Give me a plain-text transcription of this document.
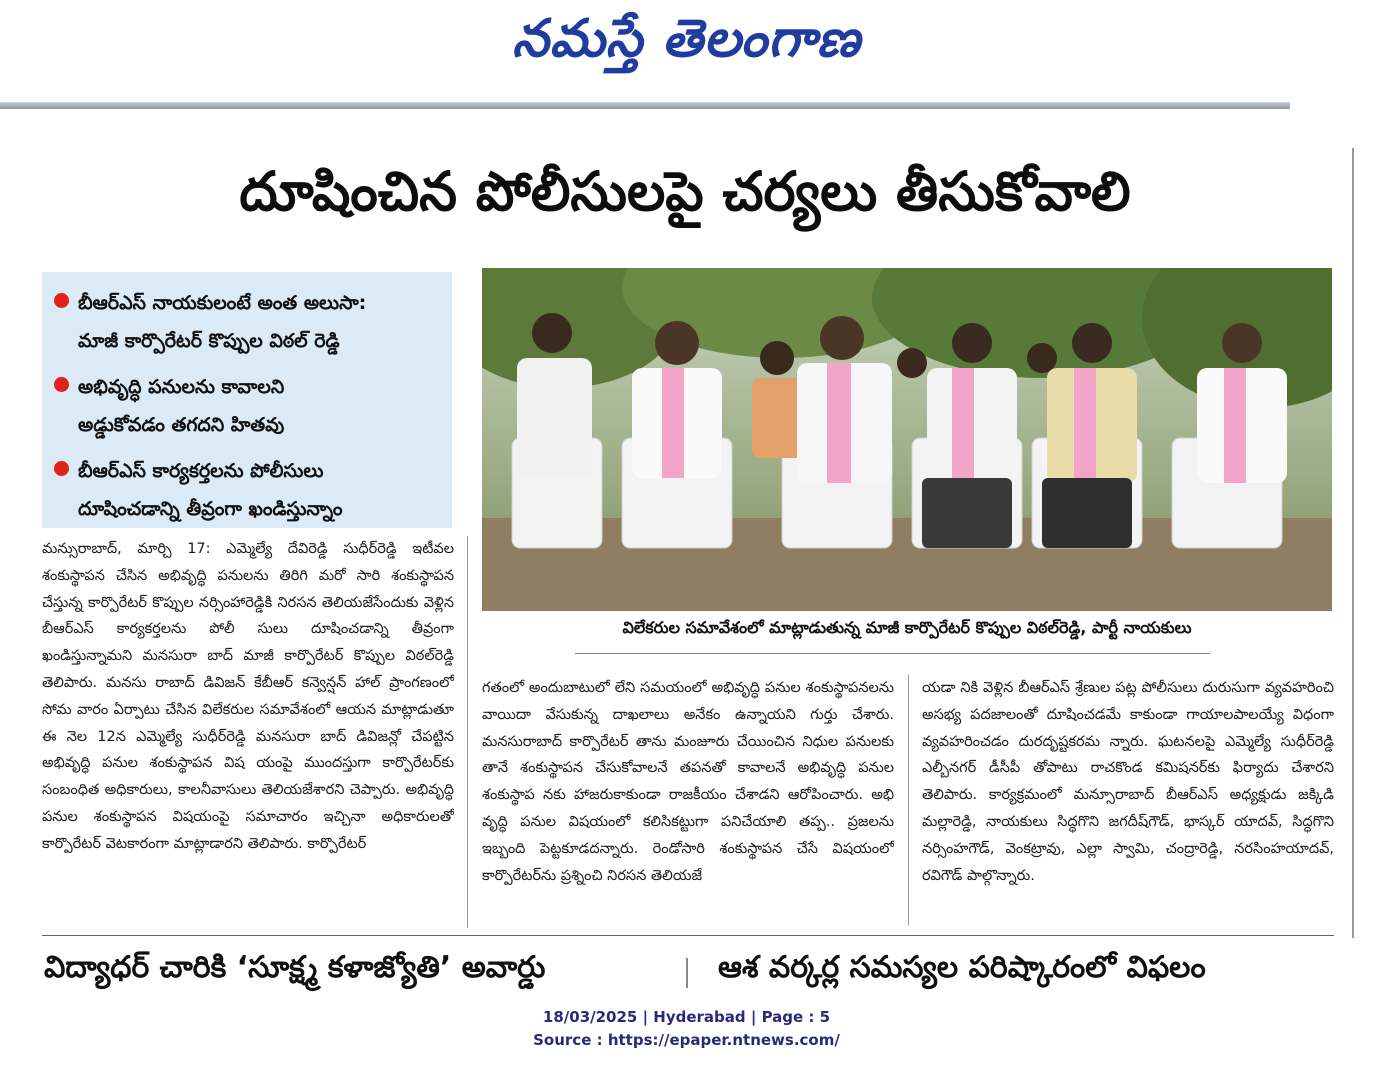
నమస్తే తెలంగాణ
దూషించిన పోలీసులపై చర్యలు తీసుకోవాలి
బీఆర్ఎస్ నాయకులంటే అంత అలుసా:
మాజీ కార్పొరేటర్ కొప్పుల విఠల్ రెడ్డి
అభివృద్ధి పనులను కావాలని
అడ్డుకోవడం తగదని హితవు
బీఆర్ఎస్ కార్యకర్తలను పోలీసులు
దూషించడాన్ని తీవ్రంగా ఖండిస్తున్నాం
విలేకరుల సమావేశంలో మాట్లాడుతున్న మాజీ కార్పొరేటర్ కొప్పుల విఠల్‌రెడ్డి, పార్టీ నాయకులు
మన్సురాబాద్, మార్చి 17: ఎమ్మెల్యే దేవిరెడ్డి సుధీర్‌రెడ్డి ఇటీవల శంకుస్థాపన చేసిన అభివృద్ధి పనులను తిరిగి మరో సారి శంకుస్థాపన చేస్తున్న కార్పొరేటర్ కొప్పుల నర్సింహారెడ్డికి నిరసన తెలియజేసేందుకు వెళ్లిన బీఆర్ఎస్ కార్యకర్తలను పోలీ సులు దూషించడాన్ని తీవ్రంగా ఖండిస్తున్నామని మనసురా బాద్ మాజీ కార్పొరేటర్ కొప్పుల విఠల్‌రెడ్డి తెలిపారు. మనసు రాబాద్ డివిజన్ కేబీఆర్ కన్వెన్షన్ హాల్ ప్రాంగణంలో సోమ వారం ఏర్పాటు చేసిన విలేకరుల సమావేశంలో ఆయన మాట్లాడుతూ ఈ నెల 12న ఎమ్మెల్యే సుధీర్‌రెడ్డి మనసురా బాద్ డివిజన్లో చేపట్టిన అభివృద్ధి పనుల శంకుస్థాపన విష యంపై ముందస్తుగా కార్పొరేటర్‌కు సంబంధిత అధికారులు, కాలనీవాసులు తెలియజేశారని చెప్పారు. అభివృద్ధి పనుల శంకుస్థాపన విషయంపై సమాచారం ఇచ్చినా అధికారులతో కార్పొరేటర్ వెటకారంగా మాట్లాడారని తెలిపారు. కార్పొరేటర్
గతంలో అందుబాటులో లేని సమయంలో అభివృద్ధి పనుల శంకుస్థాపనలను వాయిదా వేసుకున్న దాఖలాలు అనేకం ఉన్నాయని గుర్తు చేశారు. మనసురాబాద్ కార్పొరేటర్ తాను మంజూరు చేయించిన నిధుల పనులకు తానే శంకుస్థాపన చేసుకోవాలనే తపనతో కావాలనే అభివృద్ధి పనుల శంకుస్థాప నకు హాజరుకాకుండా రాజకీయం చేశాడని ఆరోపించారు. అభి వృద్ధి పనుల విషయంలో కలిసికట్టుగా పనిచేయాలి తప్ప.. ప్రజలను ఇబ్బంది పెట్టకూడదన్నారు. రెండోసారి శంకుస్థాపన చేసే విషయంలో కార్పొరేటర్‌ను ప్రశ్నించి నిరసన తెలియజే
యడా నికి వెళ్లిన బీఆర్ఎస్ శ్రేణుల పట్ల పోలీసులు దురుసుగా వ్యవహరించి అసభ్య పదజాలంతో దూషించడమే కాకుండా గాయాలపాలయ్యే విధంగా వ్యవహరించడం దురదృష్టకరమ న్నారు. ఘటనలపై ఎమ్మెల్యే సుధీర్‌రెడ్డి ఎల్బీనగర్ డీసీపీ తోపాటు రాచకొండ కమిషనర్‌కు ఫిర్యాదు చేశారని తెలిపారు. కార్యక్రమంలో మన్సూరాబాద్ బీఆర్ఎస్ అధ్యక్షుడు జక్కిడి మల్లారెడ్డి, నాయకులు సిద్ధగొని జగదీష్‌గౌడ్, భాస్కర్ యాదవ్, సిద్ధగొని నర్సింహగౌడ్, వెంకట్రావు, ఎల్లా స్వామి, చంద్రారెడ్డి, నరసింహయాదవ్, రవిగౌడ్ పాల్గొన్నారు.
విద్యాధర్ చారికి ‘సూక్ష్మ కళాజ్యోతి’ అవార్డు	ఆశ వర్కర్ల సమస్యల పరిష్కారంలో విఫలం
18/03/2025 | Hyderabad | Page : 5
Source : https://epaper.ntnews.com/
